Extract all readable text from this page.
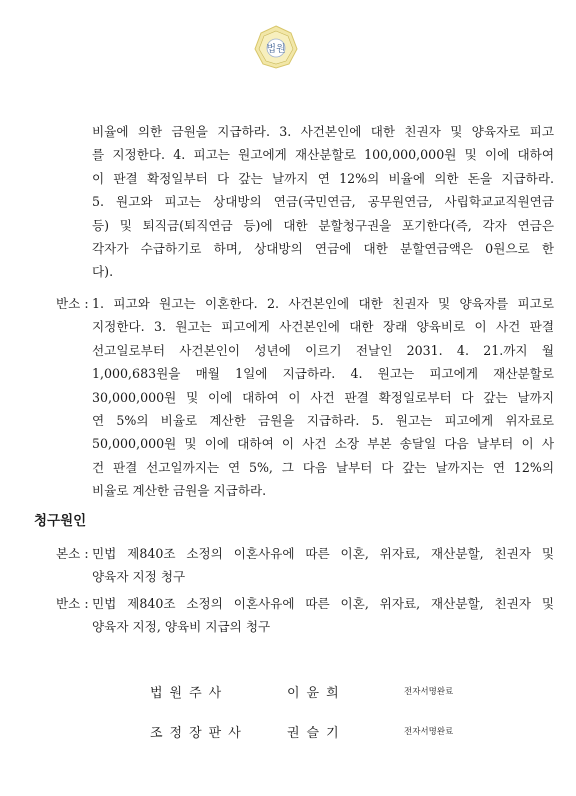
법원
비율에 의한 금원을 지급하라. 3. 사건본인에 대한 친권자 및 양육자로 피고
를 지정한다. 4. 피고는 원고에게 재산분할로 100,000,000원 및 이에 대하여
이 판결 확정일부터 다 갚는 날까지 연 12%의 비율에 의한 돈을 지급하라.
5. 원고와 피고는 상대방의 연금(국민연금, 공무원연금, 사립학교교직원연금
등) 및 퇴직금(퇴직연금 등)에 대한 분할청구권을 포기한다(즉, 각자 연금은
각자가 수급하기로 하며, 상대방의 연금에 대한 분할연금액은 0원으로 한
다).
반소 : 1. 피고와 원고는 이혼한다. 2. 사건본인에 대한 친권자 및 양육자를 피고로
지정한다. 3. 원고는 피고에게 사건본인에 대한 장래 양육비로 이 사건 판결
선고일로부터 사건본인이 성년에 이르기 전날인 2031. 4. 21.까지 월
1,000,683원을 매월 1일에 지급하라. 4. 원고는 피고에게 재산분할로
30,000,000원 및 이에 대하여 이 사건 판결 확정일로부터 다 갚는 날까지
연 5%의 비율로 계산한 금원을 지급하라. 5. 원고는 피고에게 위자료로
50,000,000원 및 이에 대하여 이 사건 소장 부본 송달일 다음 날부터 이 사
건 판결 선고일까지는 연 5%, 그 다음 날부터 다 갚는 날까지는 연 12%의
비율로 계산한 금원을 지급하라.
청구원인
본소 : 민법 제840조 소정의 이혼사유에 따른 이혼, 위자료, 재산분할, 친권자 및
양육자 지정 청구
반소 : 민법 제840조 소정의 이혼사유에 따른 이혼, 위자료, 재산분할, 친권자 및
양육자 지정, 양육비 지급의 청구
법원주사	이윤희	전자서명완료
조정장판사	권슬기	전자서명완료
